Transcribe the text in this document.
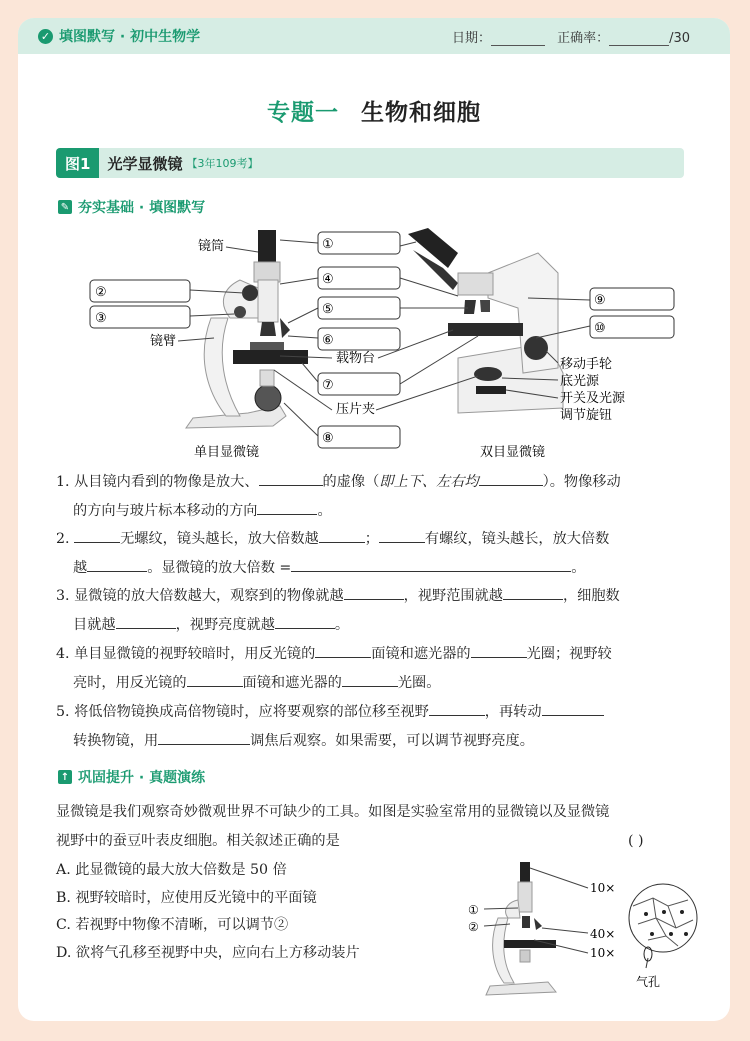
✓ 填图默写 · 初中生物学	日期：	正确率：	/30
专题一 生物和细胞
图1	光学显微镜 【3年109考】
✎ 夯实基础 · 填图默写
镜筒
镜臂
载物台
压片夹
移动手轮
底光源
开关及光源
调节旋钮
①
②
③
④
⑤
⑥
⑦
⑧
⑨
⑩
单目显微镜	双目显微镜
1. 从目镜内看到的物像是放大、	的虚像（即上下、左右均	）。物像移动
的方向与玻片标本移动的方向	。
2.	无螺纹，镜头越长，放大倍数越	；	有螺纹，镜头越长，放大倍数
越	。显微镜的放大倍数 =	。
3. 显微镜的放大倍数越大，观察到的物像就越	，视野范围就越	，细胞数
目就越	，视野亮度就越	。
4. 单目显微镜的视野较暗时，用反光镜的	面镜和遮光器的	光圈；视野较
亮时，用反光镜的	面镜和遮光器的	光圈。
5. 将低倍物镜换成高倍物镜时，应将要观察的部位移至视野	，再转动
转换物镜，用	调焦后观察。如果需要，可以调节视野亮度。
↑ 巩固提升 · 真题演练
显微镜是我们观察奇妙微观世界不可缺少的工具。如图是实验室常用的显微镜以及显微镜
视野中的蚕豆叶表皮细胞。相关叙述正确的是	( )
A. 此显微镜的最大放大倍数是 50 倍
B. 视野较暗时，应使用反光镜中的平面镜
C. 若视野中物像不清晰，可以调节②
D. 欲将气孔移至视野中央，应向右上方移动装片
10×
①
②	40×
10×
气孔
